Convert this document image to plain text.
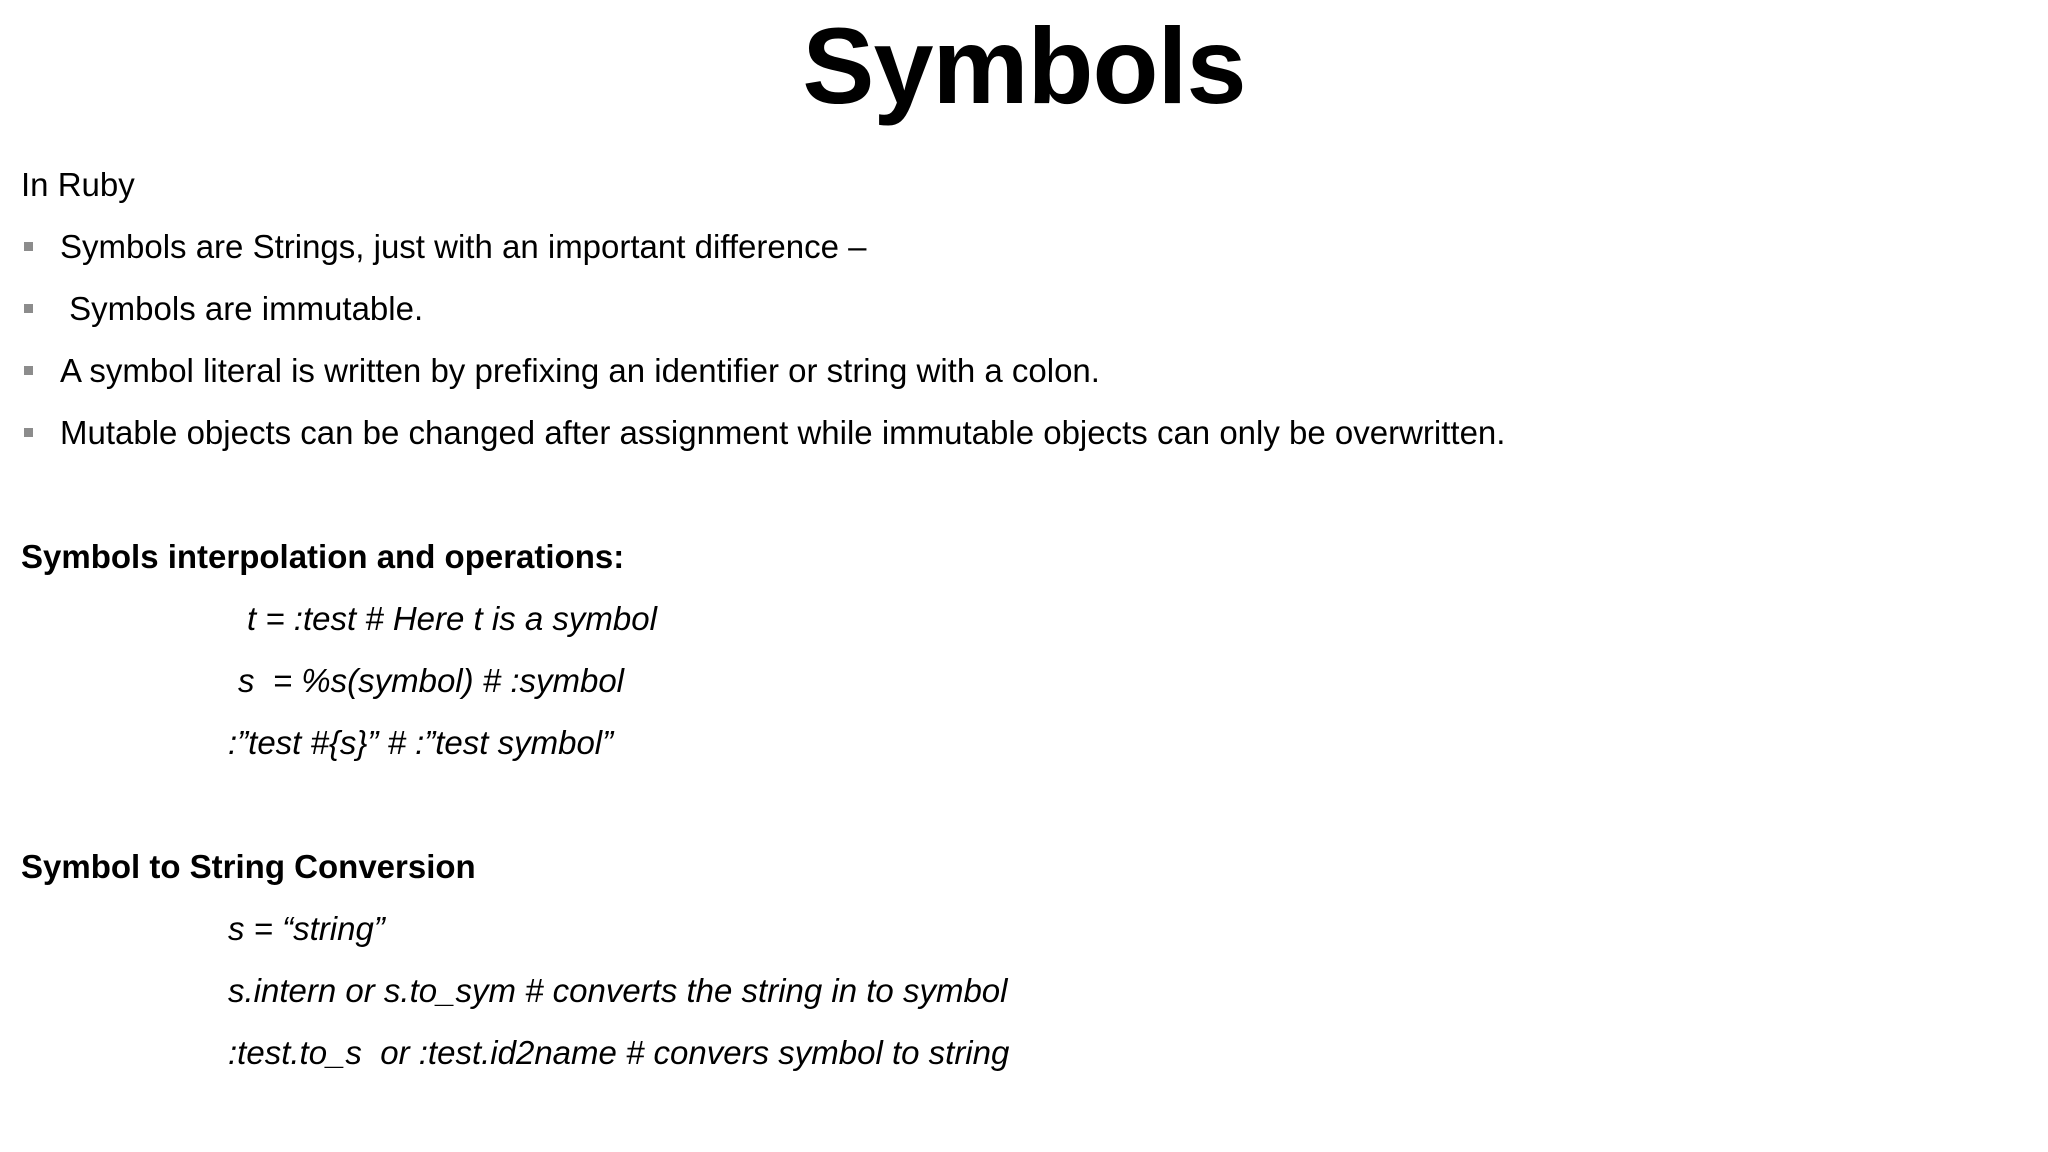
Symbols
In Ruby

Symbols are Strings, just with an important difference –

Symbols are immutable.

A symbol literal is written by prefixing an identifier or string with a colon.

Mutable objects can be changed after assignment while immutable objects can only be overwritten.

Symbols interpolation and operations:
t = :test # Here t is a symbol
s  = %s(symbol) # :symbol
:”test #{s}” # :”test symbol”
Symbol to String Conversion
s = “string”
s.intern or s.to_sym # converts the string in to symbol
:test.to_s  or :test.id2name # convers symbol to string
